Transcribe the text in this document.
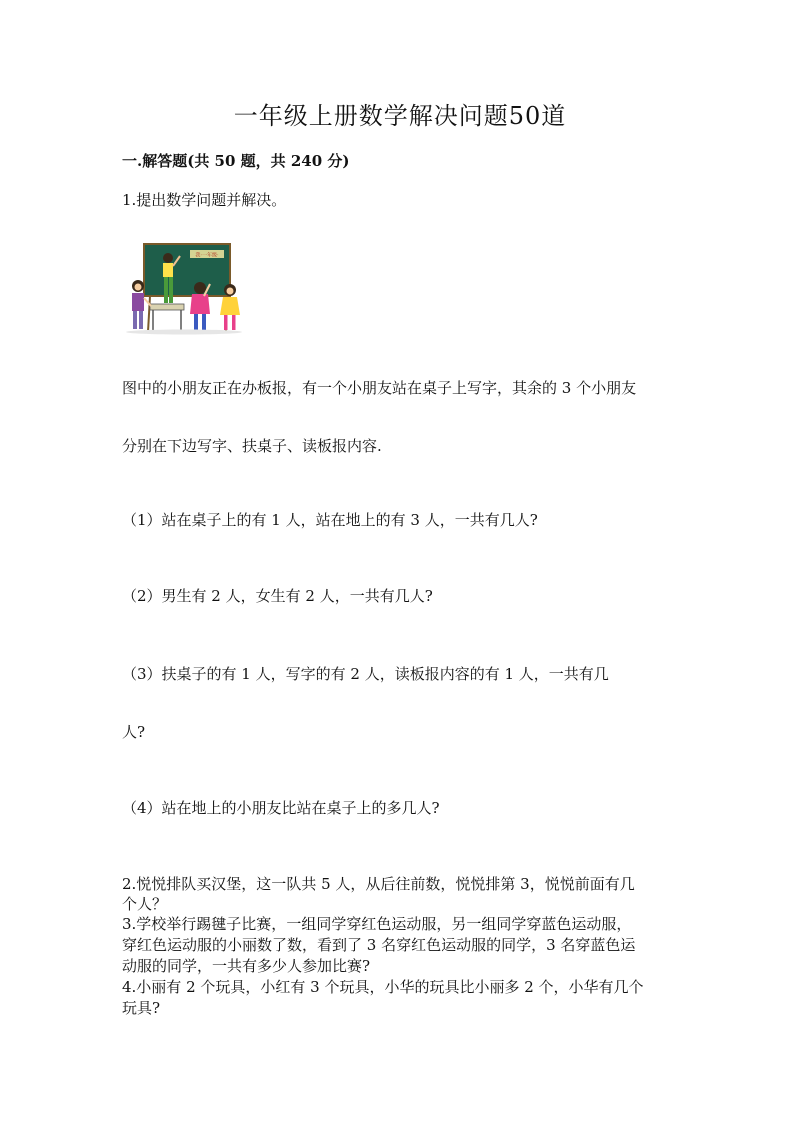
一年级上册数学解决问题50道
一.解答题(共 50 题，共 240 分)
1.提出数学问题并解决。
我·一年级·
图中的小朋友正在办板报，有一个小朋友站在桌子上写字，其余的 3 个小朋友
分别在下边写字、扶桌子、读板报内容.
（1）站在桌子上的有 1 人，站在地上的有 3 人，一共有几人?
（2）男生有 2 人，女生有 2 人，一共有几人?
（3）扶桌子的有 1 人，写字的有 2 人，读板报内容的有 1 人，一共有几
人?
（4）站在地上的小朋友比站在桌子上的多几人?
2.悦悦排队买汉堡，这一队共 5 人，从后往前数，悦悦排第 3，悦悦前面有几
个人？
3.学校举行踢毽子比赛，一组同学穿红色运动服，另一组同学穿蓝色运动服，
穿红色运动服的小丽数了数，看到了 3 名穿红色运动服的同学，3 名穿蓝色运
动服的同学，一共有多少人参加比赛?
4.小丽有 2 个玩具，小红有 3 个玩具，小华的玩具比小丽多 2 个，小华有几个
玩具?
